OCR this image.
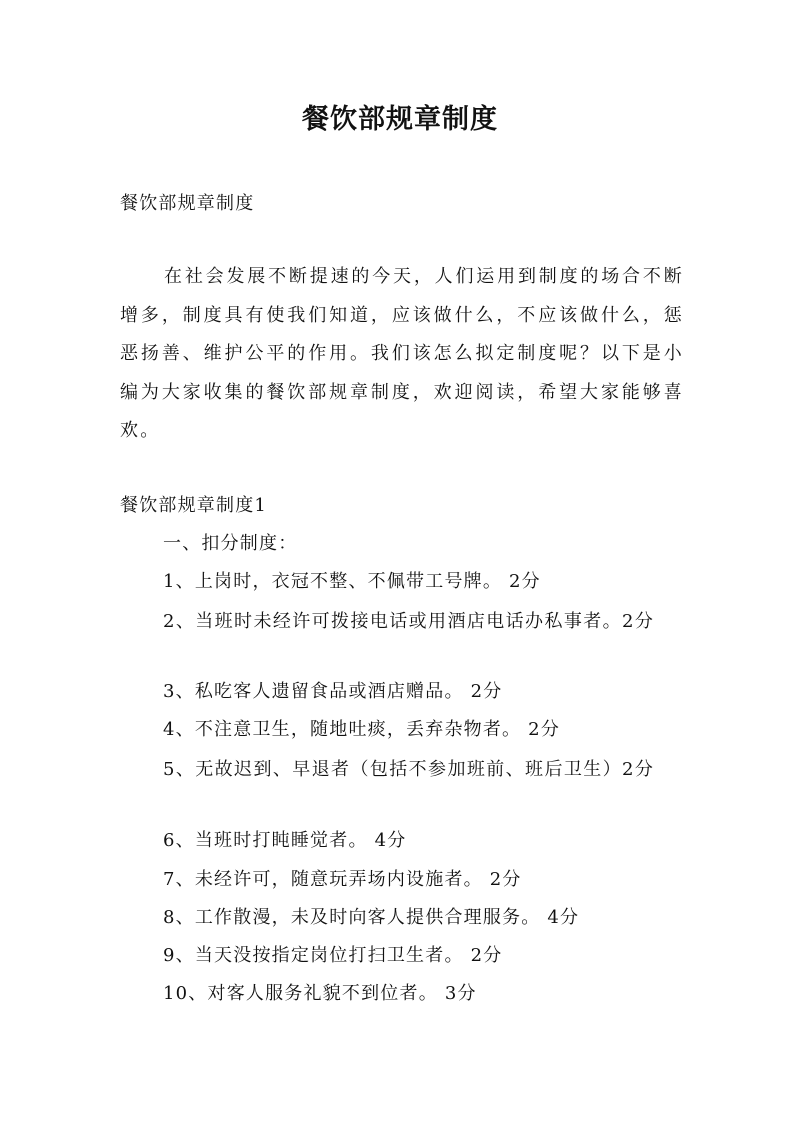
餐饮部规章制度
餐饮部规章制度
在社会发展不断提速的今天，人们运用到制度的场合不断增多，制度具有使我们知道，应该做什么，不应该做什么，惩恶扬善、维护公平的作用。我们该怎么拟定制度呢？以下是小编为大家收集的餐饮部规章制度，欢迎阅读，希望大家能够喜欢。
餐饮部规章制度1
一、扣分制度：
1、上岗时，衣冠不整、不佩带工号牌。 2分
2、当班时未经许可拨接电话或用酒店电话办私事者。2分
3、私吃客人遗留食品或酒店赠品。 2分
4、不注意卫生，随地吐痰，丢弃杂物者。 2分
5、无故迟到、早退者（包括不参加班前、班后卫生）2分
6、当班时打盹睡觉者。 4分
7、未经许可，随意玩弄场内设施者。 2分
8、工作散漫，未及时向客人提供合理服务。 4分
9、当天没按指定岗位打扫卫生者。 2分
10、对客人服务礼貌不到位者。 3分
